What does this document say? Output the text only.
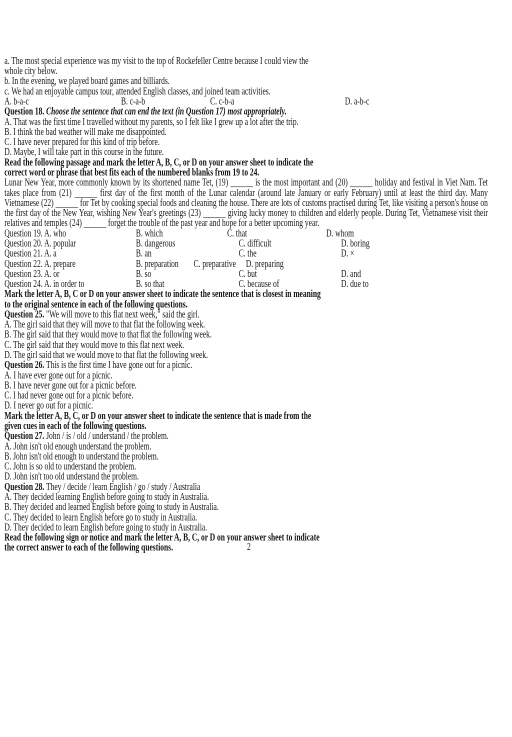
a. The most special experience was my visit to the top of Rockefeller Centre because I could view the
whole city below.
b. In the evening, we played board games and billiards.
c. We had an enjoyable campus tour, attended English classes, and joined team activities.
A. b-a-c	B. c-a-b	C. c-b-a	D. a-b-c
Question 18. Choose the sentence that can end the text (in Question 17) most appropriately.
A. That was the first time I travelled without my parents, so I felt like I grew up a lot after the trip.
B. I think the bad weather will make me disappointed.
C. I have never prepared for this kind of trip before.
D. Maybe, I will take part in this course in the future.
Read the following passage and mark the letter A, B, C, or D on your answer sheet to indicate the
correct word or phrase that best fits each of the numbered blanks from 19 to 24.
Lunar New Year, more commonly known by its shortened name Tet, (19) ______ is the most important and (20) ______ holiday and festival in Viet Nam. Tet takes place from (21) ______ first day of the first month of the Lunar calendar (around late January or early February) until at least the third day. Many Vietnamese (22) ______ for Tet by cooking special foods and cleaning the house. There are lots of customs practised during Tet, like visiting a person's house on the first day of the New Year, wishing New Year's greetings (23) ______ giving lucky money to children and elderly people. During Tet, Vietnamese visit their relatives and temples (24) ______ forget the trouble of the past year and hope for a better upcoming year.
Question 19. A. who	B. which	C. that	D. whom
Question 20. A. popular	B. dangerous	C. difficult	D. boring
Question 21. A. a	B. an	C. the	D. ×
Question 22. A. prepare	B. preparation	C. preparative D. preparing
Question 23. A. or	B. so	C. but	D. and
Question 24. A. in order to	B. so that	C. because of	D. due to
Mark the letter A, B, C or D on your answer sheet to indicate the sentence that is closest in meaning
to the original sentence in each of the following questions.
Question 25. "We will move to this flat next week," said the girl.
A. The girl said that they will move to that flat the following week.
B. The girl said that they would move to that flat the following week.
C. The girl said that they would move to this flat next week.
D. The girl said that we would move to that flat the following week.
Question 26. This is the first time I have gone out for a picnic.
A. I have ever gone out for a picnic.
B. I have never gone out for a picnic before.
C. I had never gone out for a picnic before.
D. I never go out for a picnic.
Mark the letter A, B, C, or D on your answer sheet to indicate the sentence that is made from the
given cues in each of the following questions.
Question 27. John / is / old / understand / the problem.
A. John isn't old enough understand the problem.
B. John isn't old enough to understand the problem.
C. John is so old to understand the problem.
D. John isn't too old understand the problem.
Question 28. They / decide / learn English / go / study / Australia
A. They decided learning English before going to study in Australia.
B. They decided and learned English before going to study in Australia.
C. They decided to learn English before go to study in Australia.
D. They decided to learn English before going to study in Australia.
Read the following sign or notice and mark the letter A, B, C, or D on your answer sheet to indicate
the correct answer to each of the following questions.	2
